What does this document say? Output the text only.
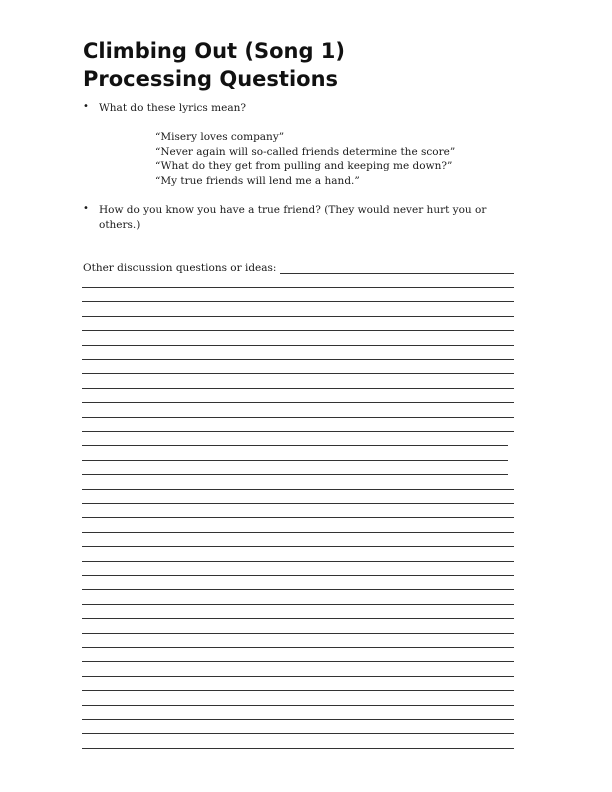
Climbing Out (Song 1)
Processing Questions
• What do these lyrics mean?
“Misery loves company”
“Never again will so-called friends determine the score”
“What do they get from pulling and keeping me down?”
“My true friends will lend me a hand.”
• How do you know you have a true friend? (They would never hurt you or others.)
Other discussion questions or ideas:
